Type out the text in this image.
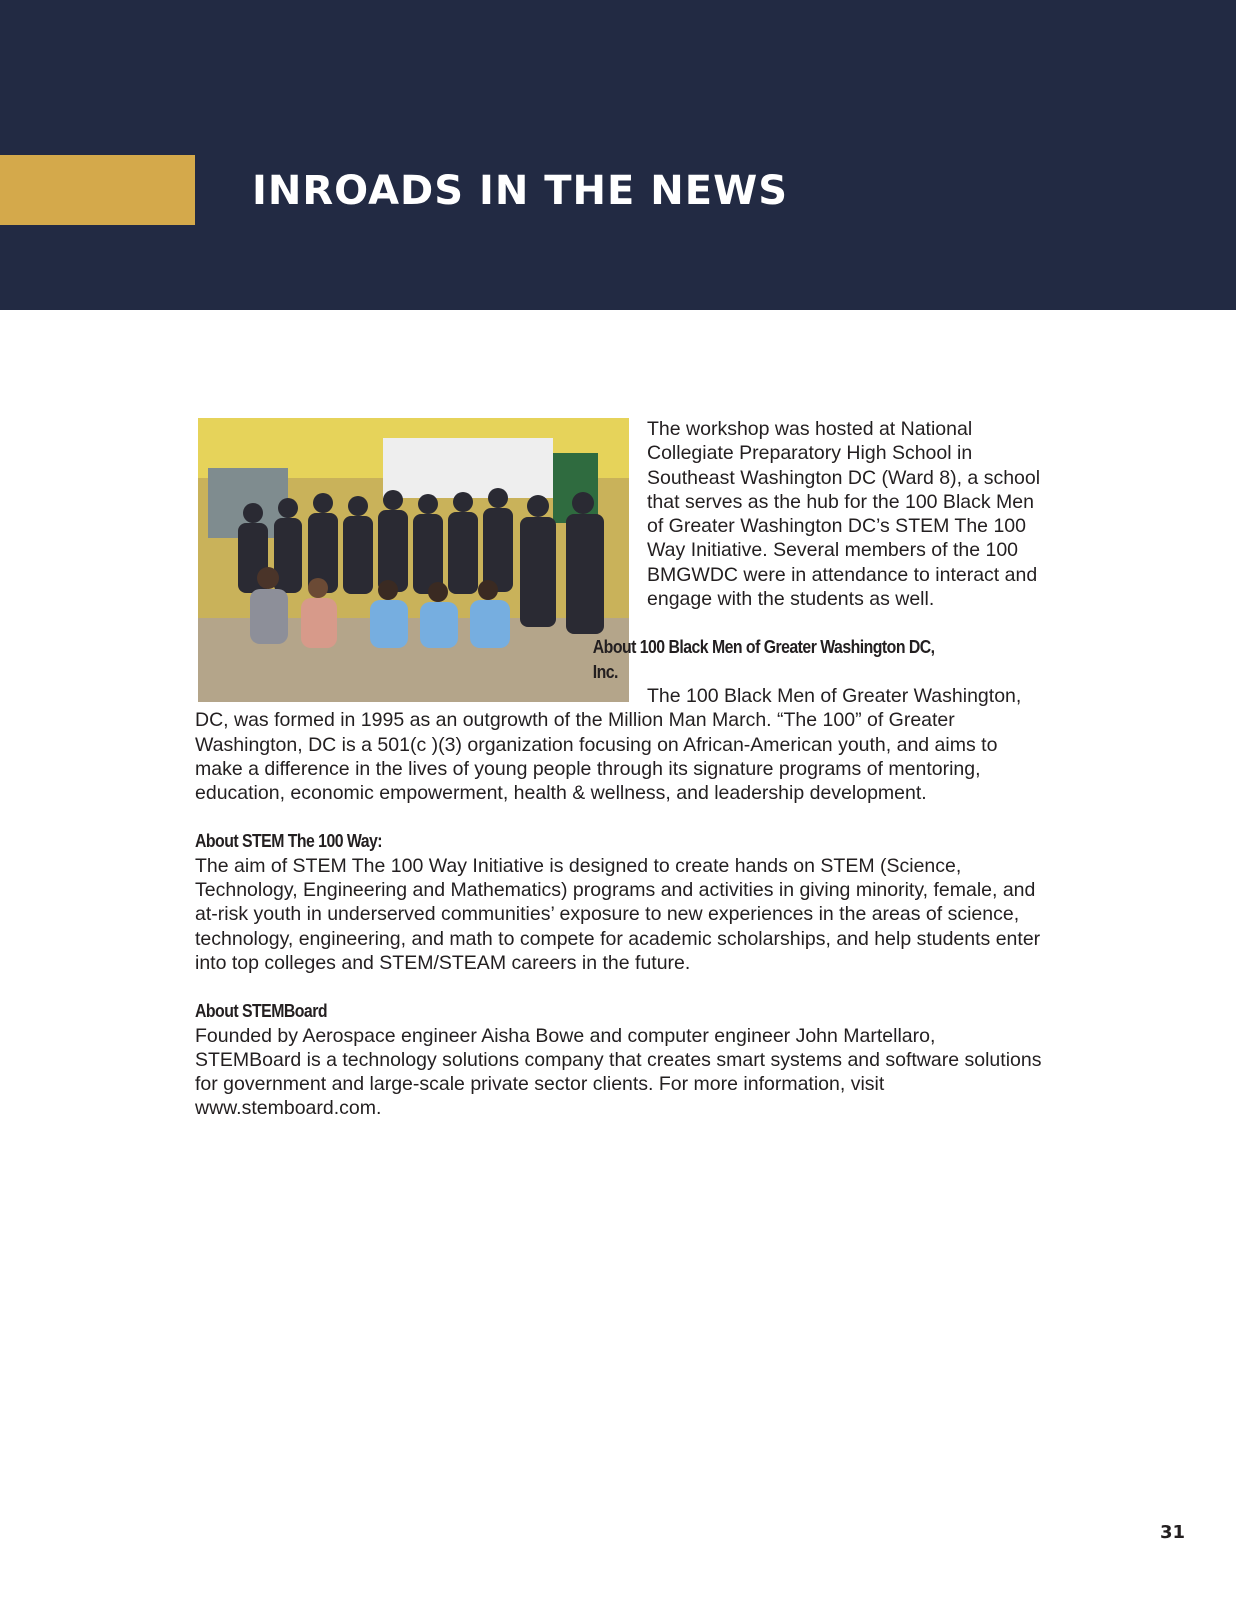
INROADS IN THE NEWS

The workshop was hosted at National Collegiate Preparatory High School in Southeast Washington DC (Ward 8), a school that serves as the hub for the 100 Black Men of Greater Washington DC’s STEM The 100 Way Initiative. Several members of the 100 BMGWDC were in attendance to interact and engage with the students as well.

About 100 Black Men of Greater Washington DC, Inc.
The 100 Black Men of Greater Washington, DC, was formed in 1995 as an outgrowth of the Million Man March. “The 100” of Greater Washington, DC is a 501(c )(3) organization focusing on African-American youth, and aims to make a difference in the lives of young people through its signature programs of mentoring, education, economic empowerment, health & wellness, and leadership development.

About STEM The 100 Way:
The aim of STEM The 100 Way Initiative is designed to create hands on STEM (Science, Technology, Engineering and Mathematics) programs and activities in giving minority, female, and at-risk youth in underserved communities’ exposure to new experiences in the areas of science, technology, engineering, and math to compete for academic scholarships, and help students enter into top colleges and STEM/STEAM careers in the future.

About STEMBoard
Founded by Aerospace engineer Aisha Bowe and computer engineer John Martellaro, STEMBoard is a technology solutions company that creates smart systems and software solutions for government and large-scale private sector clients. For more information, visit www.stemboard.com.

31
